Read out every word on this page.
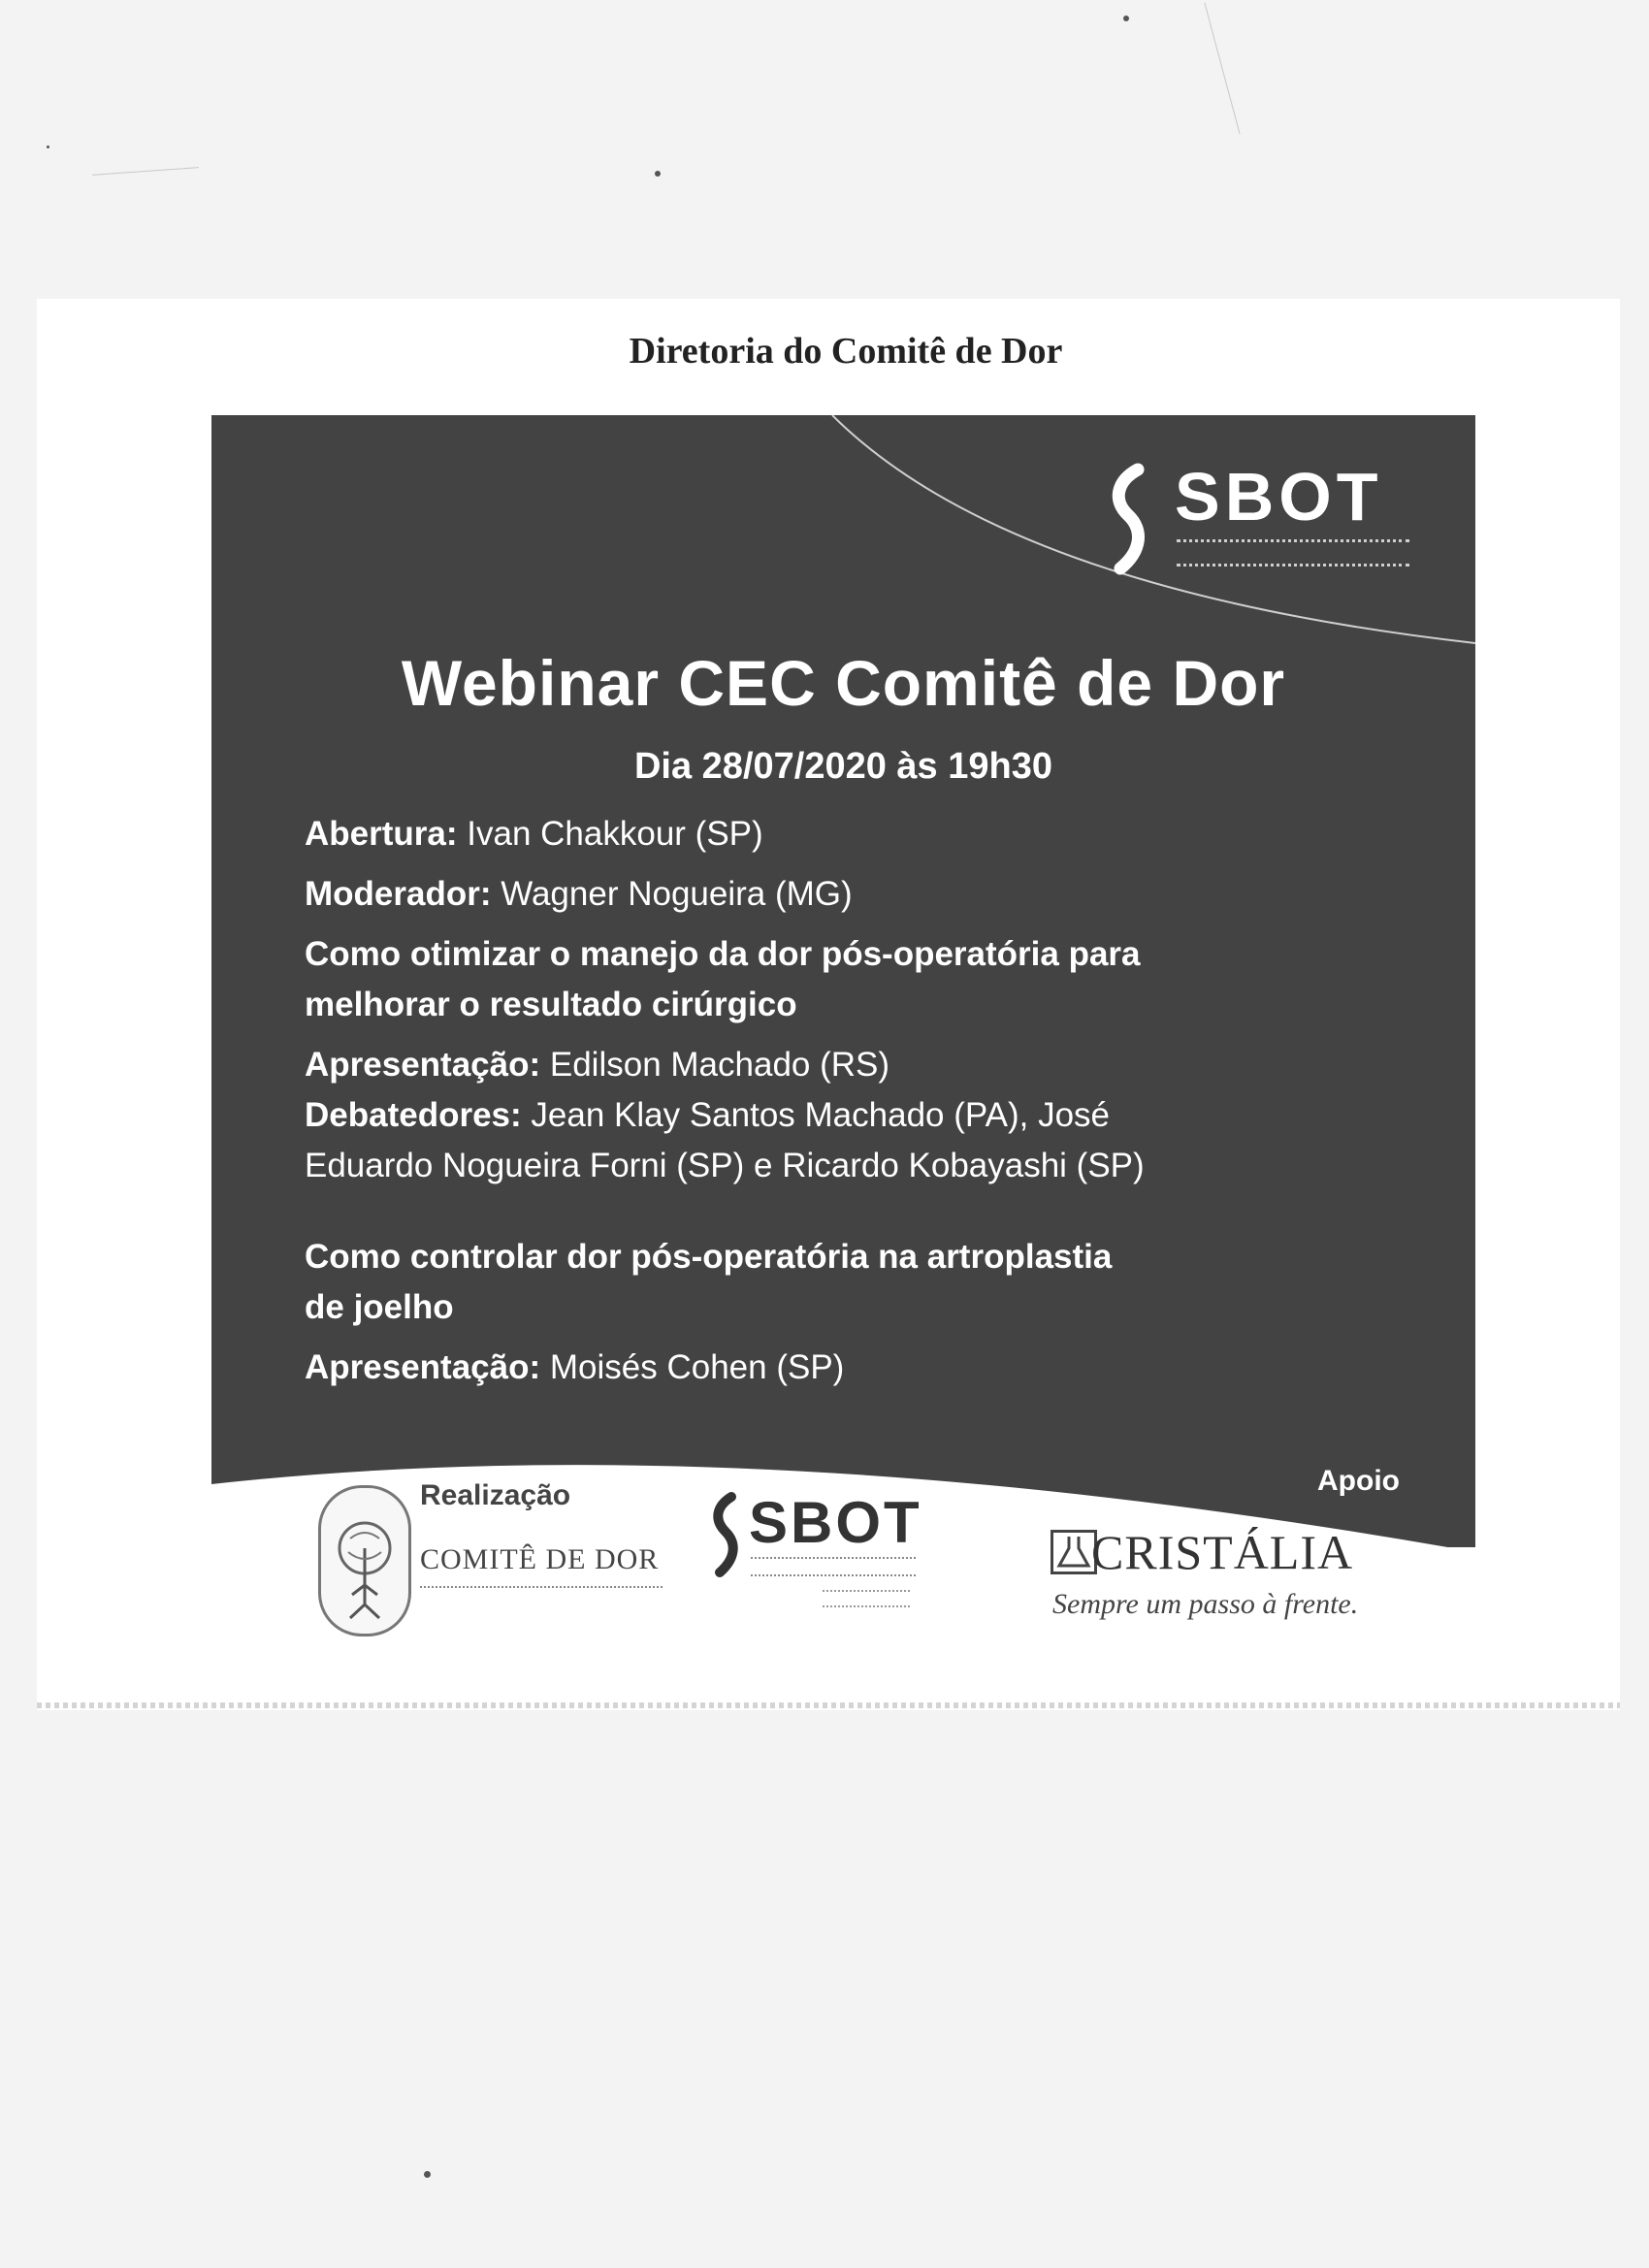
Diretoria do Comitê de Dor
SBOT
Webinar CEC Comitê de Dor
Dia 28/07/2020 às 19h30
Abertura: Ivan Chakkour (SP)
Moderador: Wagner Nogueira (MG)
Como otimizar o manejo da dor pós-operatória para
melhorar o resultado cirúrgico
Apresentação: Edilson Machado (RS)
Debatedores: Jean Klay Santos Machado (PA), José
Eduardo Nogueira Forni (SP) e Ricardo Kobayashi (SP)
Como controlar dor pós-operatória na artroplastia
de joelho
Apresentação: Moisés Cohen (SP)
Apoio
Realização
COMITÊ DE DOR
SBOT	CRISTÁLIA
Sempre um passo à frente.
